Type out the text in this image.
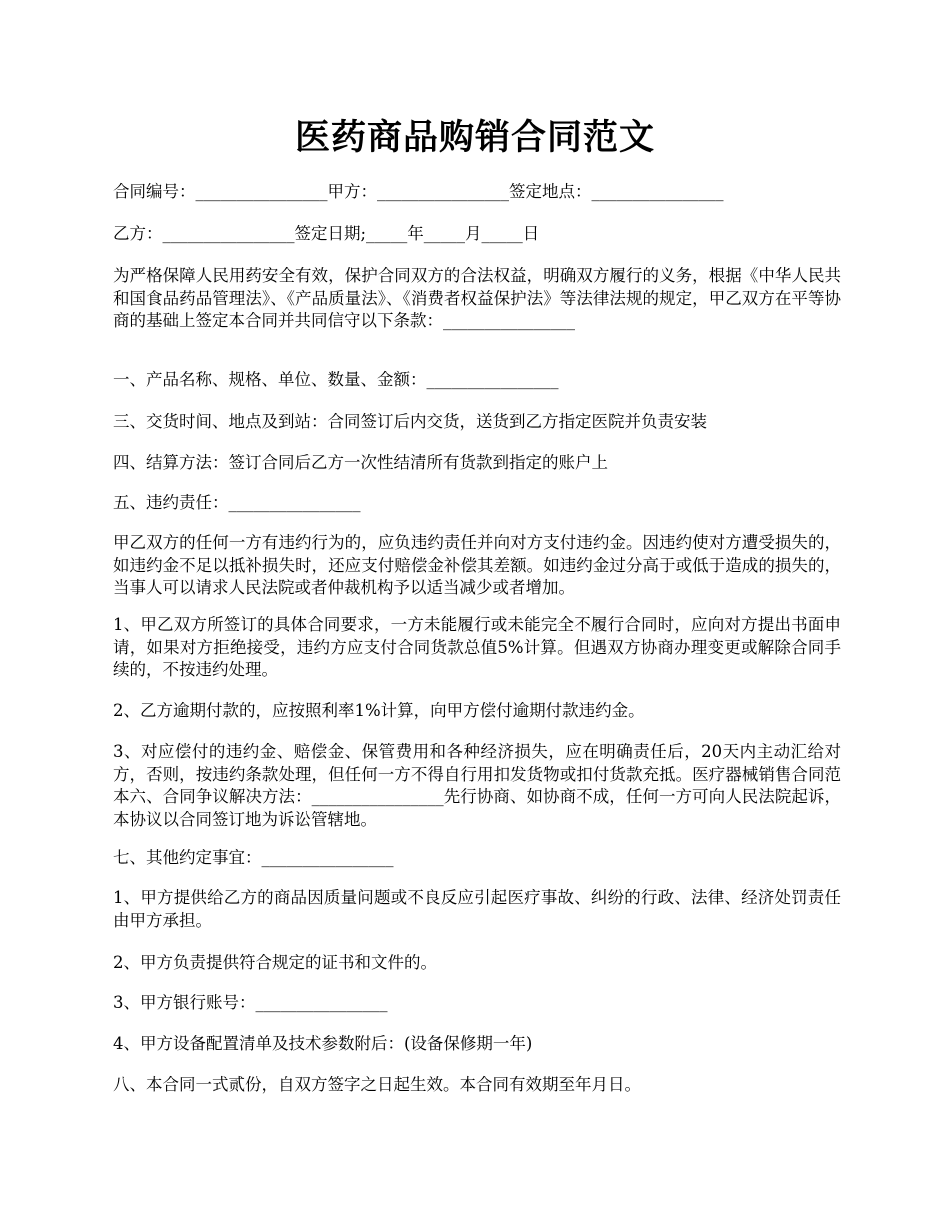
医药商品购销合同范文

合同编号：________________甲方：________________签定地点：________________

乙方：________________签定日期;_____年_____月_____日

为严格保障人民用药安全有效，保护合同双方的合法权益，明确双方履行的义务，根据《中华人民共和国食品药品管理法》、《产品质量法》、《消费者权益保护法》等法律法规的规定，甲乙双方在平等协商的基础上签定本合同并共同信守以下条款：________________

一、产品名称、规格、单位、数量、金额：________________

三、交货时间、地点及到站：合同签订后内交货，送货到乙方指定医院并负责安装

四、结算方法：签订合同后乙方一次性结清所有货款到指定的账户上

五、违约责任：________________

甲乙双方的任何一方有违约行为的，应负违约责任并向对方支付违约金。因违约使对方遭受损失的，如违约金不足以抵补损失时，还应支付赔偿金补偿其差额。如违约金过分高于或低于造成的损失的，当事人可以请求人民法院或者仲裁机构予以适当减少或者增加。

1、甲乙双方所签订的具体合同要求，一方未能履行或未能完全不履行合同时，应向对方提出书面申请，如果对方拒绝接受，违约方应支付合同货款总值5%计算。但遇双方协商办理变更或解除合同手续的，不按违约处理。

2、乙方逾期付款的，应按照利率1%计算，向甲方偿付逾期付款违约金。

3、对应偿付的违约金、赔偿金、保管费用和各种经济损失，应在明确责任后，20天内主动汇给对方，否则，按违约条款处理，但任何一方不得自行用扣发货物或扣付货款充抵。医疗器械销售合同范本六、合同争议解决方法：________________先行协商、如协商不成，任何一方可向人民法院起诉，本协议以合同签订地为诉讼管辖地。

七、其他约定事宜：________________

1、甲方提供给乙方的商品因质量问题或不良反应引起医疗事故、纠纷的行政、法律、经济处罚责任由甲方承担。

2、甲方负责提供符合规定的证书和文件的。

3、甲方银行账号：________________

4、甲方设备配置清单及技术参数附后：(设备保修期一年)

八、本合同一式贰份，自双方签字之日起生效。本合同有效期至年月日。
